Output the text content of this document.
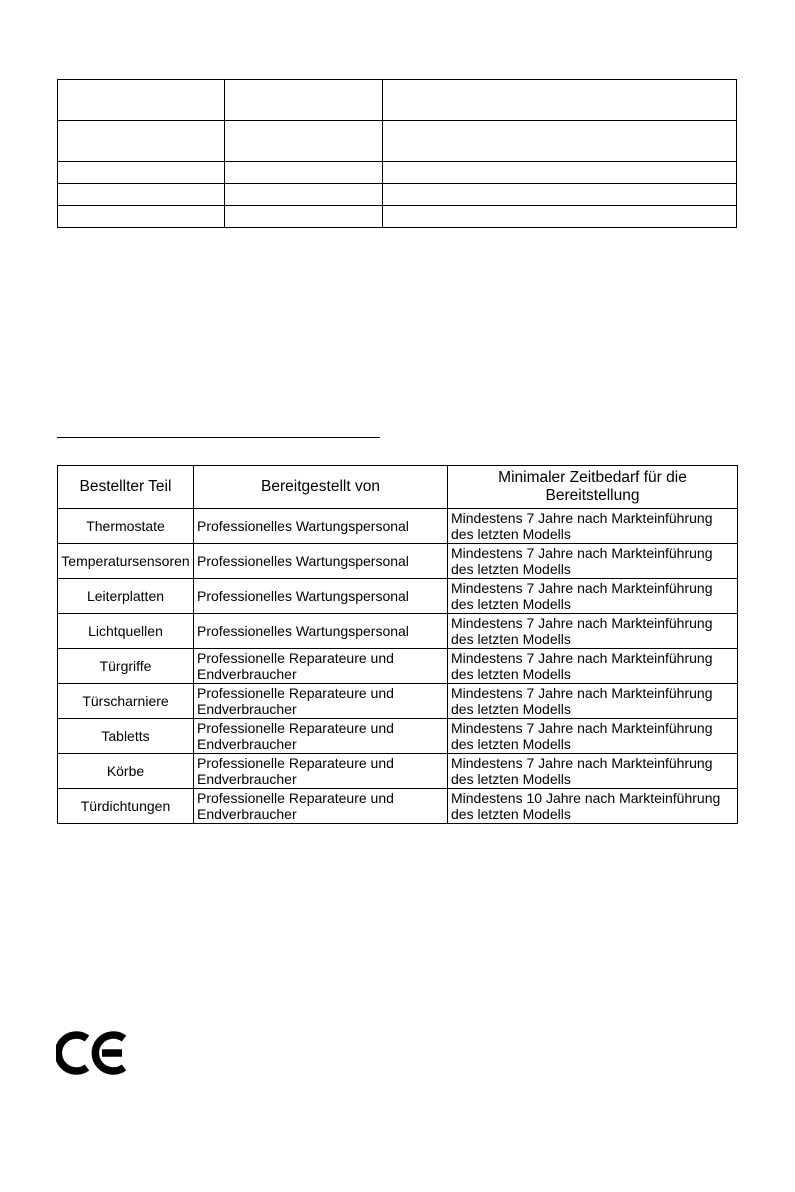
Bestellter Teil	Bereitgestellt von	Minimaler Zeitbedarf für die Bereitstellung
Thermostate	Professionelles Wartungspersonal	Mindestens 7 Jahre nach Markteinführung des letzten Modells
Temperatursensoren	Professionelles Wartungspersonal	Mindestens 7 Jahre nach Markteinführung des letzten Modells
Leiterplatten	Professionelles Wartungspersonal	Mindestens 7 Jahre nach Markteinführung des letzten Modells
Lichtquellen	Professionelles Wartungspersonal	Mindestens 7 Jahre nach Markteinführung des letzten Modells
Türgriffe	Professionelle Reparateure und Endverbraucher	Mindestens 7 Jahre nach Markteinführung des letzten Modells
Türscharniere	Professionelle Reparateure und Endverbraucher	Mindestens 7 Jahre nach Markteinführung des letzten Modells
Tabletts	Professionelle Reparateure und Endverbraucher	Mindestens 7 Jahre nach Markteinführung des letzten Modells
Körbe	Professionelle Reparateure und Endverbraucher	Mindestens 7 Jahre nach Markteinführung des letzten Modells
Türdichtungen	Professionelle Reparateure und Endverbraucher	Mindestens 10 Jahre nach Markteinführung des letzten Modells
